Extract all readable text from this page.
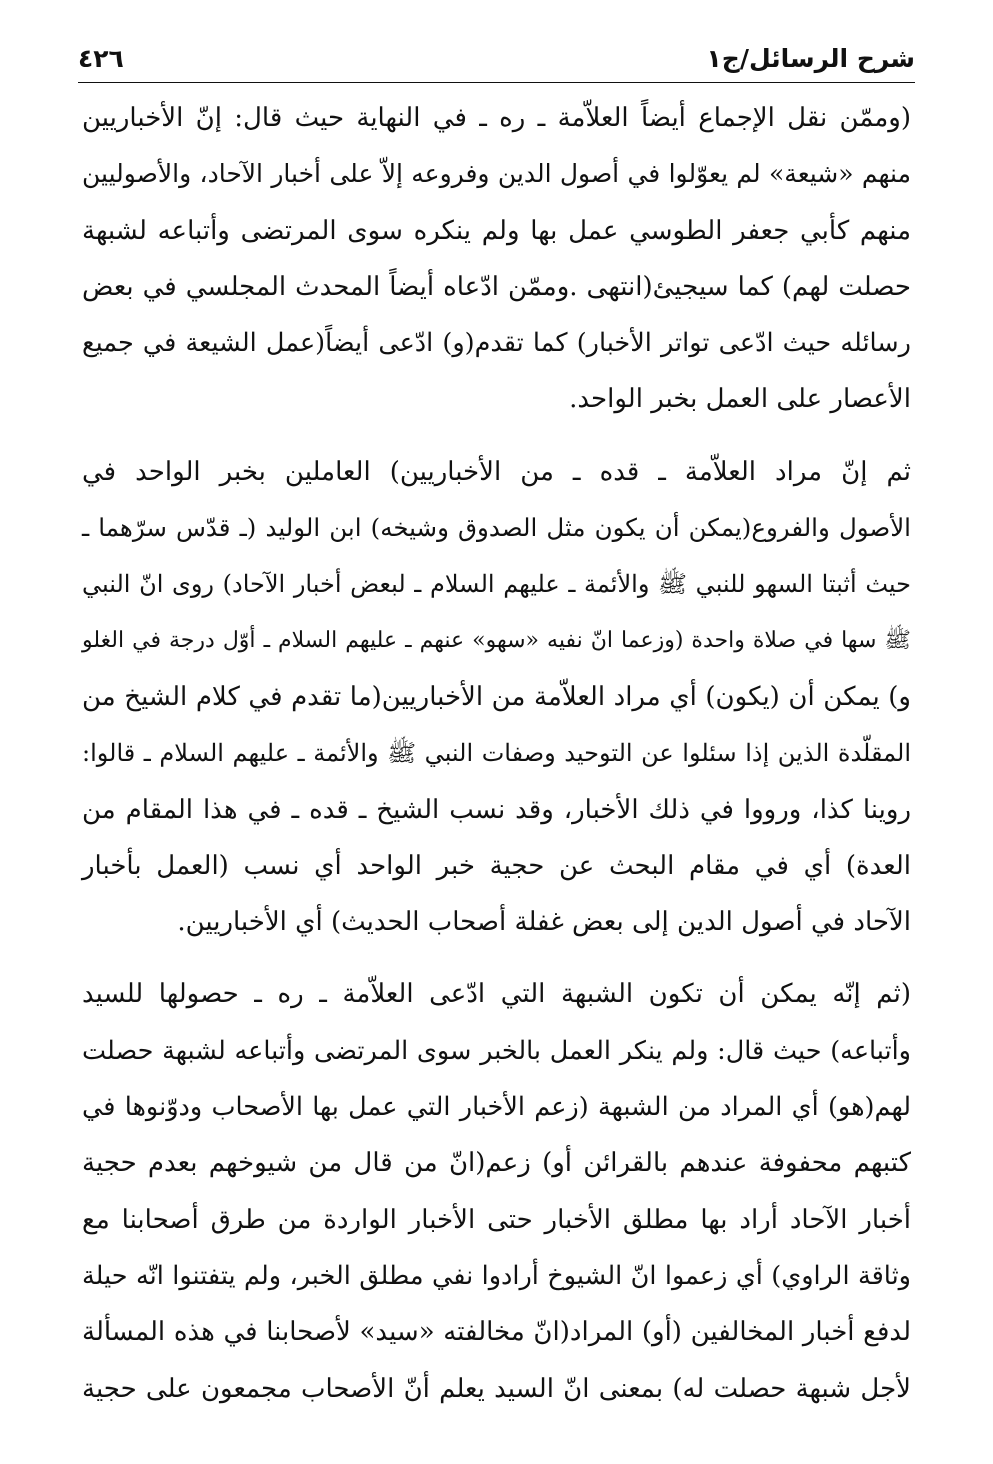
٤٢٦	شرح الرسائل/ج١

(وممّن نقل الإجماع أيضاً العلاّمة ـ ره ـ في النهاية حيث قال: إنّ الأخباريين
منهم «شيعة» لم يعوّلوا في أصول الدين وفروعه إلاّ على أخبار الآحاد، والأصوليين
منهم كأبي جعفر الطوسي عمل بها ولم ينكره سوى المرتضى وأتباعه لشبهة
حصلت لهم) كما سيجيئ(انتهى .وممّن ادّعاه أيضاً المحدث المجلسي في بعض
رسائله حيث ادّعى تواتر الأخبار) كما تقدم(و) ادّعى أيضاً(عمل الشيعة في جميع
الأعصار على العمل بخبر الواحد.

ثم إنّ مراد العلاّمة ـ قده ـ من الأخباريين) العاملين بخبر الواحد في
الأصول والفروع(يمكن أن يكون مثل الصدوق وشيخه) ابن الوليد (ـ قدّس سرّهما ـ
حيث أثبتا السهو للنبي ﷺ والأئمة ـ عليهم السلام ـ لبعض أخبار الآحاد) روى انّ النبي
ﷺ سها في صلاة واحدة (وزعما انّ نفيه «سهو» عنهم ـ عليهم السلام ـ أوّل درجة في الغلو
و) يمكن أن (يكون) أي مراد العلاّمة من الأخباريين(ما تقدم في كلام الشيخ من
المقلّدة الذين إذا سئلوا عن التوحيد وصفات النبي ﷺ والأئمة ـ عليهم السلام ـ قالوا:
روينا كذا، ورووا في ذلك الأخبار، وقد نسب الشيخ ـ قده ـ في هذا المقام من
العدة) أي في مقام البحث عن حجية خبر الواحد أي نسب (العمل بأخبار
الآحاد في أصول الدين إلى بعض غفلة أصحاب الحديث) أي الأخباريين.

(ثم إنّه يمكن أن تكون الشبهة التي ادّعى العلاّمة ـ ره ـ حصولها للسيد
وأتباعه) حيث قال: ولم ينكر العمل بالخبر سوى المرتضى وأتباعه لشبهة حصلت
لهم(هو) أي المراد من الشبهة (زعم الأخبار التي عمل بها الأصحاب ودوّنوها في
كتبهم محفوفة عندهم بالقرائن أو) زعم(انّ من قال من شيوخهم بعدم حجية
أخبار الآحاد أراد بها مطلق الأخبار حتى الأخبار الواردة من طرق أصحابنا مع
وثاقة الراوي) أي زعموا انّ الشيوخ أرادوا نفي مطلق الخبر، ولم يتفتنوا انّه حيلة
لدفع أخبار المخالفين (أو) المراد(انّ مخالفته «سيد» لأصحابنا في هذه المسألة
لأجل شبهة حصلت له) بمعنى انّ السيد يعلم أنّ الأصحاب مجمعون على حجية
